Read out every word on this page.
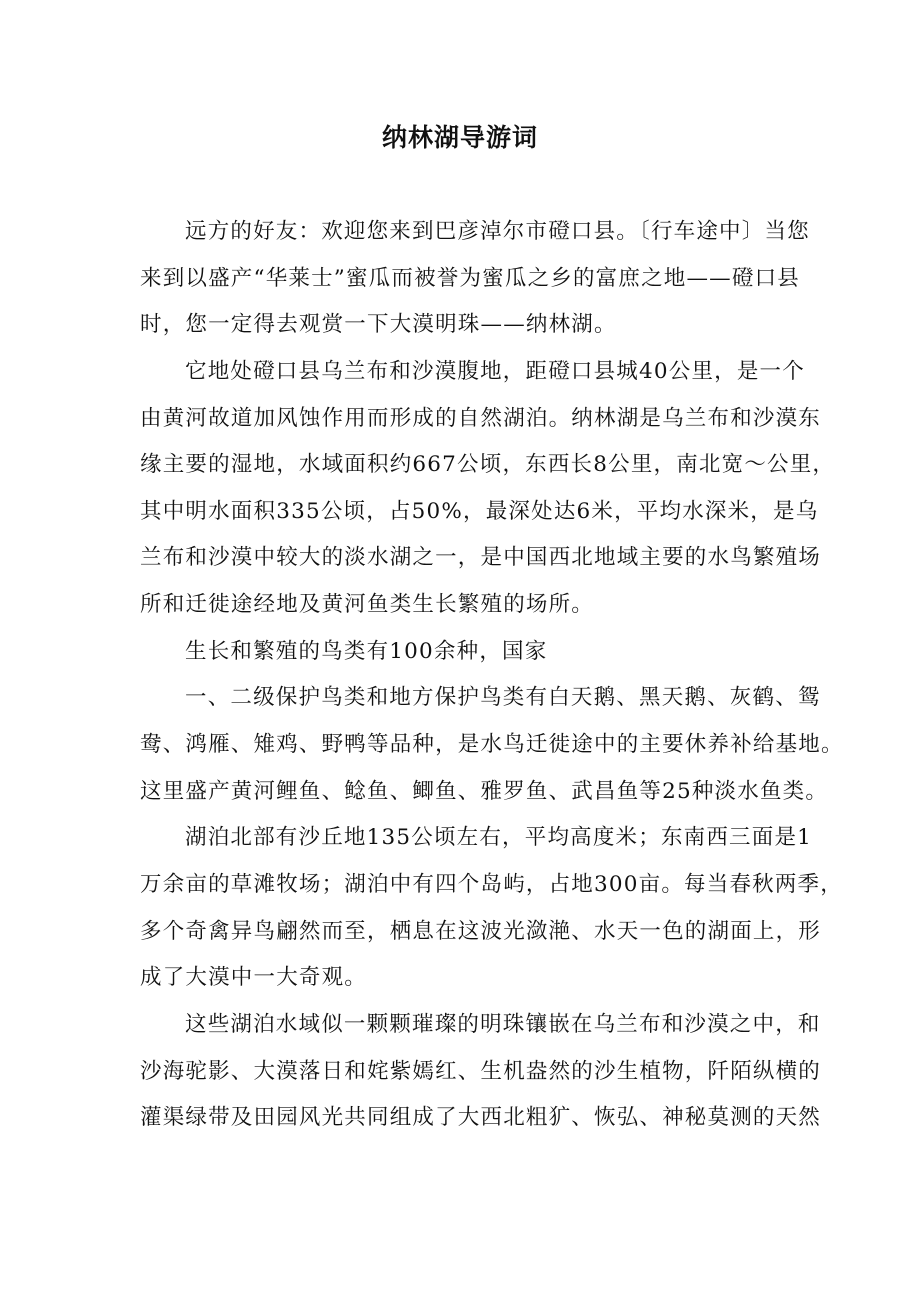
纳林湖导游词
远方的好友：欢迎您来到巴彦淖尔市磴口县。〔行车途中〕当您
来到以盛产“华莱士”蜜瓜而被誉为蜜瓜之乡的富庶之地——磴口县
时，您一定得去观赏一下大漠明珠——纳林湖。
它地处磴口县乌兰布和沙漠腹地，距磴口县城40公里，是一个
由黄河故道加风蚀作用而形成的自然湖泊。纳林湖是乌兰布和沙漠东
缘主要的湿地，水域面积约667公顷，东西长8公里，南北宽～公里，
其中明水面积335公顷，占50%，最深处达6米，平均水深米，是乌
兰布和沙漠中较大的淡水湖之一，是中国西北地域主要的水鸟繁殖场
所和迁徙途经地及黄河鱼类生长繁殖的场所。
生长和繁殖的鸟类有100余种，国家
一、二级保护鸟类和地方保护鸟类有白天鹅、黑天鹅、灰鹤、鸳
鸯、鸿雁、雉鸡、野鸭等品种，是水鸟迁徙途中的主要休养补给基地。
这里盛产黄河鲤鱼、鲶鱼、鲫鱼、雅罗鱼、武昌鱼等25种淡水鱼类。
湖泊北部有沙丘地135公顷左右，平均高度米；东南西三面是1
万余亩的草滩牧场；湖泊中有四个岛屿，占地300亩。每当春秋两季，
多个奇禽异鸟翩然而至，栖息在这波光潋滟、水天一色的湖面上，形
成了大漠中一大奇观。
这些湖泊水域似一颗颗璀璨的明珠镶嵌在乌兰布和沙漠之中，和
沙海驼影、大漠落日和姹紫嫣红、生机盎然的沙生植物，阡陌纵横的
灌渠绿带及田园风光共同组成了大西北粗犷、恢弘、神秘莫测的天然
